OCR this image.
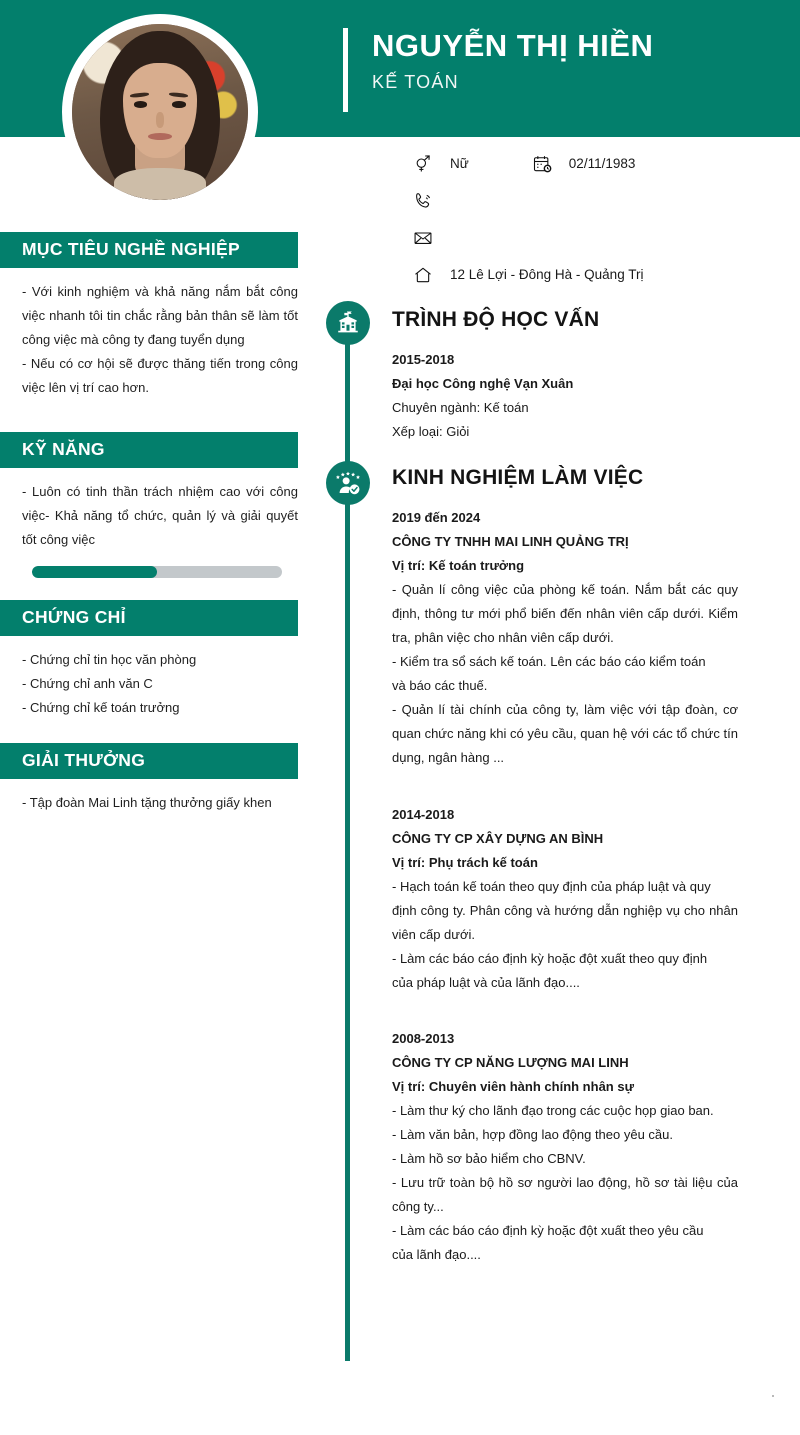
NGUYỄN THỊ HIỀN
KẾ TOÁN
Nữ	02/11/1983
12 Lê Lợi - Đông Hà - Quảng Trị
MỤC TIÊU NGHỀ NGHIỆP

- Với kinh nghiệm và khả năng nắm bắt công việc nhanh tôi tin chắc rằng bản thân sẽ làm tốt công việc mà công ty đang tuyển dụng

- Nếu có cơ hội sẽ được thăng tiến trong công việc lên vị trí cao hơn.

KỸ NĂNG

- Luôn có tinh thần trách nhiệm cao với công việc- Khả năng tổ chức, quản lý và giải quyết tốt công việc

CHỨNG CHỈ

- Chứng chỉ tin học văn phòng

- Chứng chỉ anh văn C

- Chứng chỉ kế toán trưởng

GIẢI THƯỞNG

- Tập đoàn Mai Linh tặng thưởng giấy khen

TRÌNH ĐỘ HỌC VẤN
2015-2018
Đại học Công nghệ Vạn Xuân
Chuyên ngành: Kế toán
Xếp loại: Giỏi
KINH NGHIỆM LÀM VIỆC
2019 đến 2024
CÔNG TY TNHH MAI LINH QUẢNG TRỊ
Vị trí: Kế toán trưởng
- Quản lí công việc của phòng kế toán. Nắm bắt các quy định, thông tư mới phổ biến đến nhân viên cấp dưới. Kiểm tra, phân việc cho nhân viên cấp dưới.
- Kiểm tra sổ sách kế toán. Lên các báo cáo kiểm toán
và báo các thuế.
- Quản lí tài chính của công ty, làm việc với tập đoàn, cơ quan chức năng khi có yêu cầu, quan hệ với các tổ chức tín dụng, ngân hàng ...
2014-2018
CÔNG TY CP XÂY DỰNG AN BÌNH
Vị trí: Phụ trách kế toán
- Hạch toán kế toán theo quy định của pháp luật và quy
định công ty. Phân công và hướng dẫn nghiệp vụ cho nhân viên cấp dưới.
- Làm các báo cáo định kỳ hoặc đột xuất theo quy định
của pháp luật và của lãnh đạo....
2008-2013
CÔNG TY CP NĂNG LƯỢNG MAI LINH
Vị trí: Chuyên viên hành chính nhân sự
- Làm thư ký cho lãnh đạo trong các cuộc họp giao ban.
- Làm văn bản, hợp đồng lao động theo yêu cầu.
- Làm hồ sơ bảo hiểm cho CBNV.
- Lưu trữ toàn bộ hồ sơ người lao động, hồ sơ tài liệu của công ty...
- Làm các báo cáo định kỳ hoặc đột xuất theo yêu cầu
của lãnh đạo....
